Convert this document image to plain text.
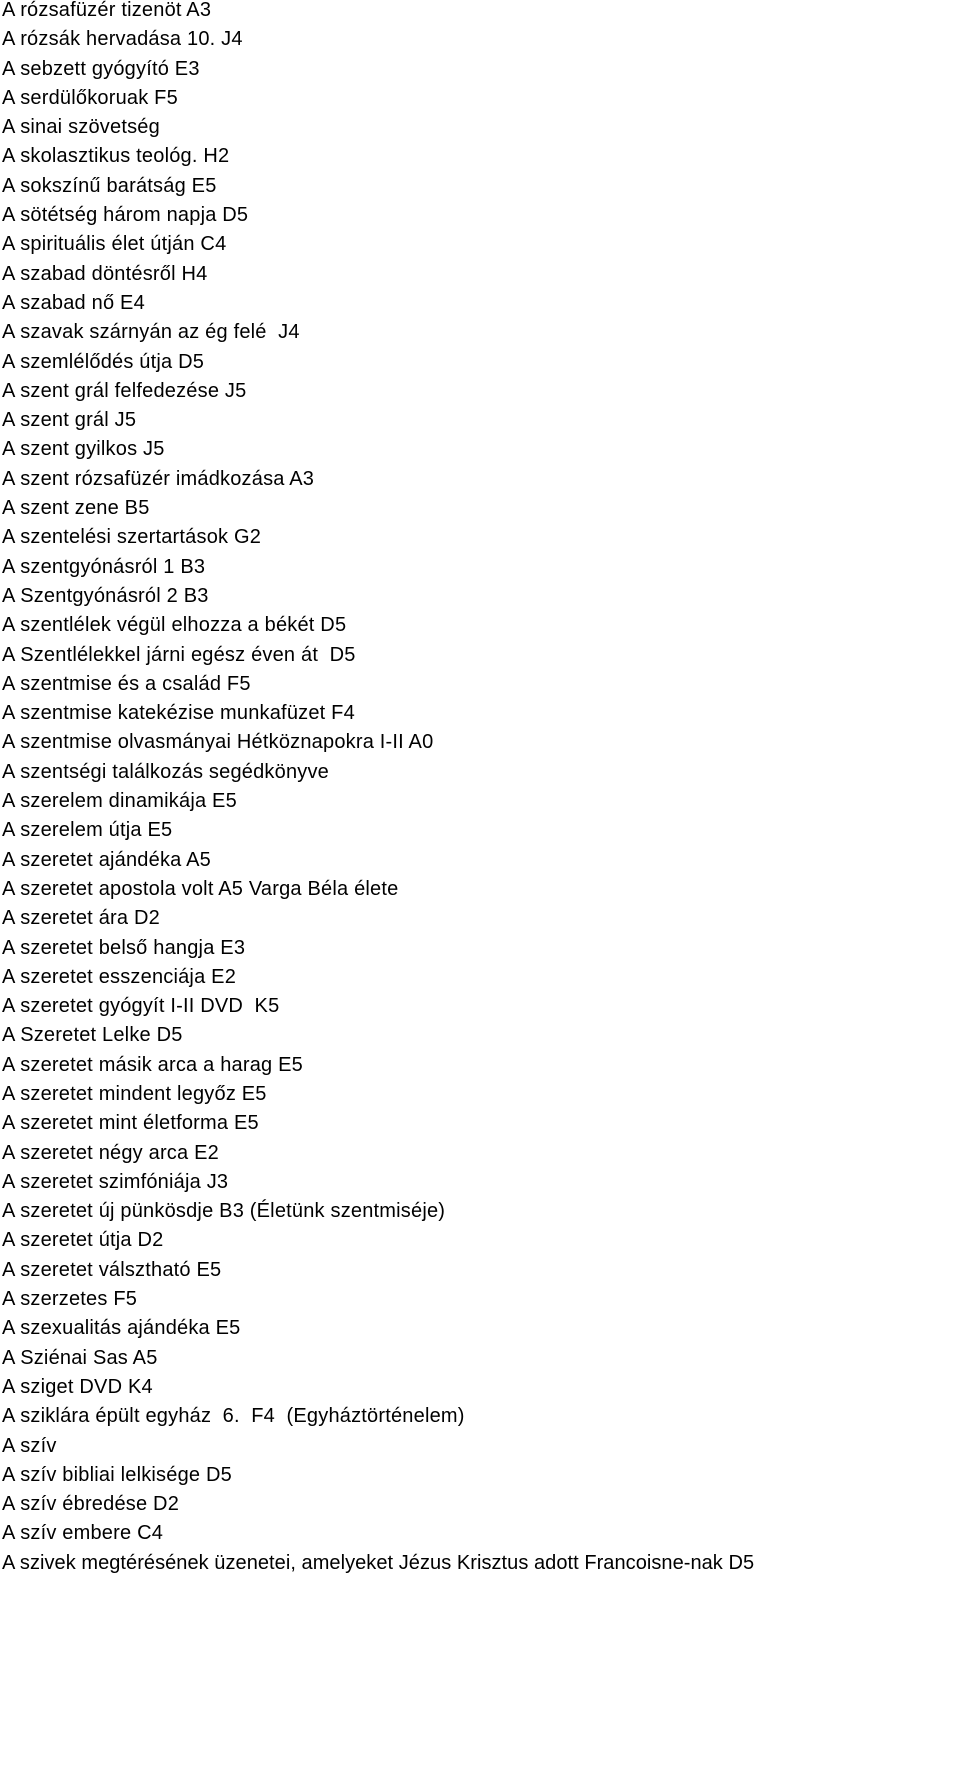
A rózsafüzér tizenöt A3
A rózsák hervadása 10. J4
A sebzett gyógyító E3
A serdülőkoruak F5
A sinai szövetség
A skolasztikus teológ. H2
A sokszínű barátság E5
A sötétség három napja D5
A spirituális élet útján C4
A szabad döntésről H4
A szabad nő E4
A szavak szárnyán az ég felé  J4
A szemlélődés útja D5
A szent grál felfedezése J5
A szent grál J5
A szent gyilkos J5
A szent rózsafüzér imádkozása A3
A szent zene B5
A szentelési szertartások G2
A szentgyónásról 1 B3
A Szentgyónásról 2 B3
A szentlélek végül elhozza a békét D5
A Szentlélekkel járni egész éven át  D5
A szentmise és a család F5
A szentmise katekézise munkafüzet F4
A szentmise olvasmányai Hétköznapokra I-II A0
A szentségi találkozás segédkönyve
A szerelem dinamikája E5
A szerelem útja E5
A szeretet ajándéka A5
A szeretet apostola volt A5 Varga Béla élete
A szeretet ára D2
A szeretet belső hangja E3
A szeretet esszenciája E2
A szeretet gyógyít I-II DVD  K5
A Szeretet Lelke D5
A szeretet másik arca a harag E5
A szeretet mindent legyőz E5
A szeretet mint életforma E5
A szeretet négy arca E2
A szeretet szimfóniája J3
A szeretet új pünkösdje B3 (Életünk szentmiséje)
A szeretet útja D2
A szeretet válsztható E5
A szerzetes F5
A szexualitás ajándéka E5
A Sziénai Sas A5
A sziget DVD K4
A sziklára épült egyház  6.  F4  (Egyháztörténelem)
A szív
A szív bibliai lelkisége D5
A szív ébredése D2
A szív embere C4
A szivek megtérésének üzenetei, amelyeket Jézus Krisztus adott Francoisne-nak D5
